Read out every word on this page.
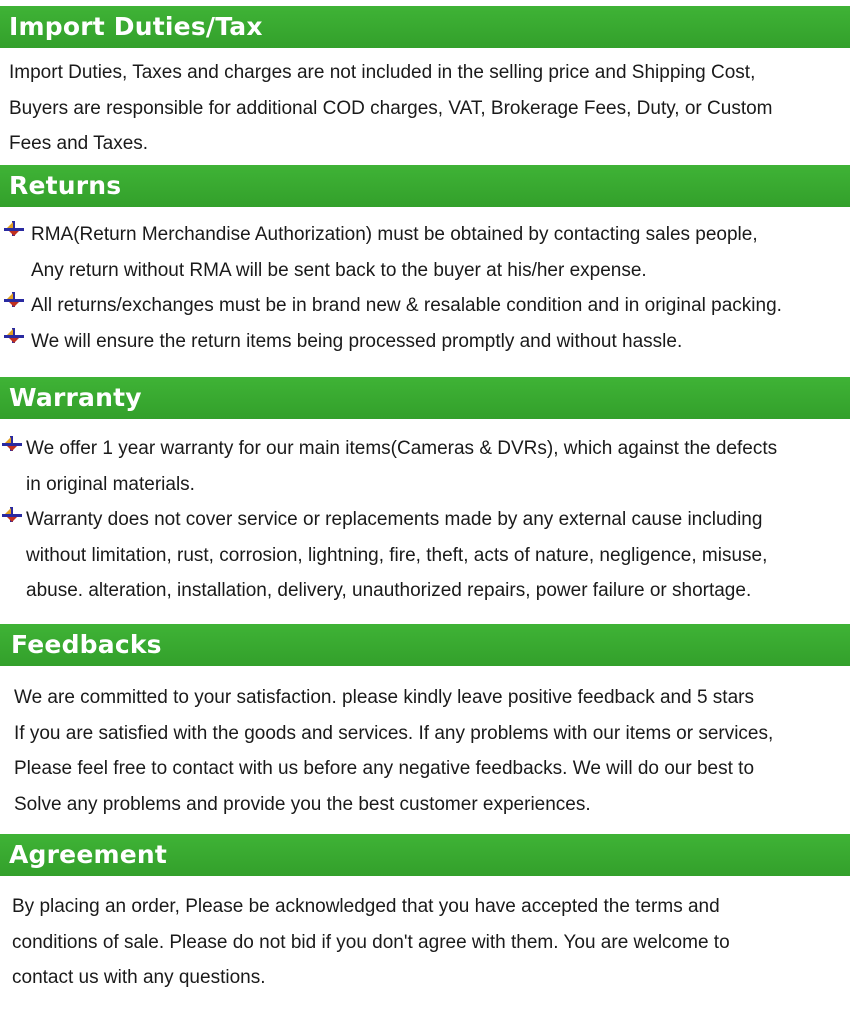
Import Duties/Tax
Import Duties, Taxes and charges are not included in the selling price and Shipping Cost,
Buyers are responsible for additional COD charges, VAT, Brokerage Fees, Duty, or Custom
Fees and Taxes.
Returns
RMA(Return Merchandise Authorization) must be obtained by contacting sales people,
Any return without RMA will be sent back to the buyer at his/her expense.
All returns/exchanges must be in brand new & resalable condition and in original packing.
We will ensure the return items being processed promptly and without hassle.
Warranty
We offer 1 year warranty for our main items(Cameras & DVRs), which against the defects
in original materials.
Warranty does not cover service or replacements made by any external cause including
without limitation, rust, corrosion, lightning, fire, theft, acts of nature, negligence, misuse,
abuse. alteration, installation, delivery, unauthorized repairs, power failure or shortage.
Feedbacks
We are committed to your satisfaction. please kindly leave positive feedback and 5 stars
If you are satisfied with the goods and services. If any problems with our items or services,
Please feel free to contact with us before any negative feedbacks. We will do our best to
Solve any problems and provide you the best customer experiences.
Agreement
By placing an order, Please be acknowledged that you have accepted the terms and
conditions of sale. Please do not bid if you don't agree with them. You are welcome to
contact us with any questions.
